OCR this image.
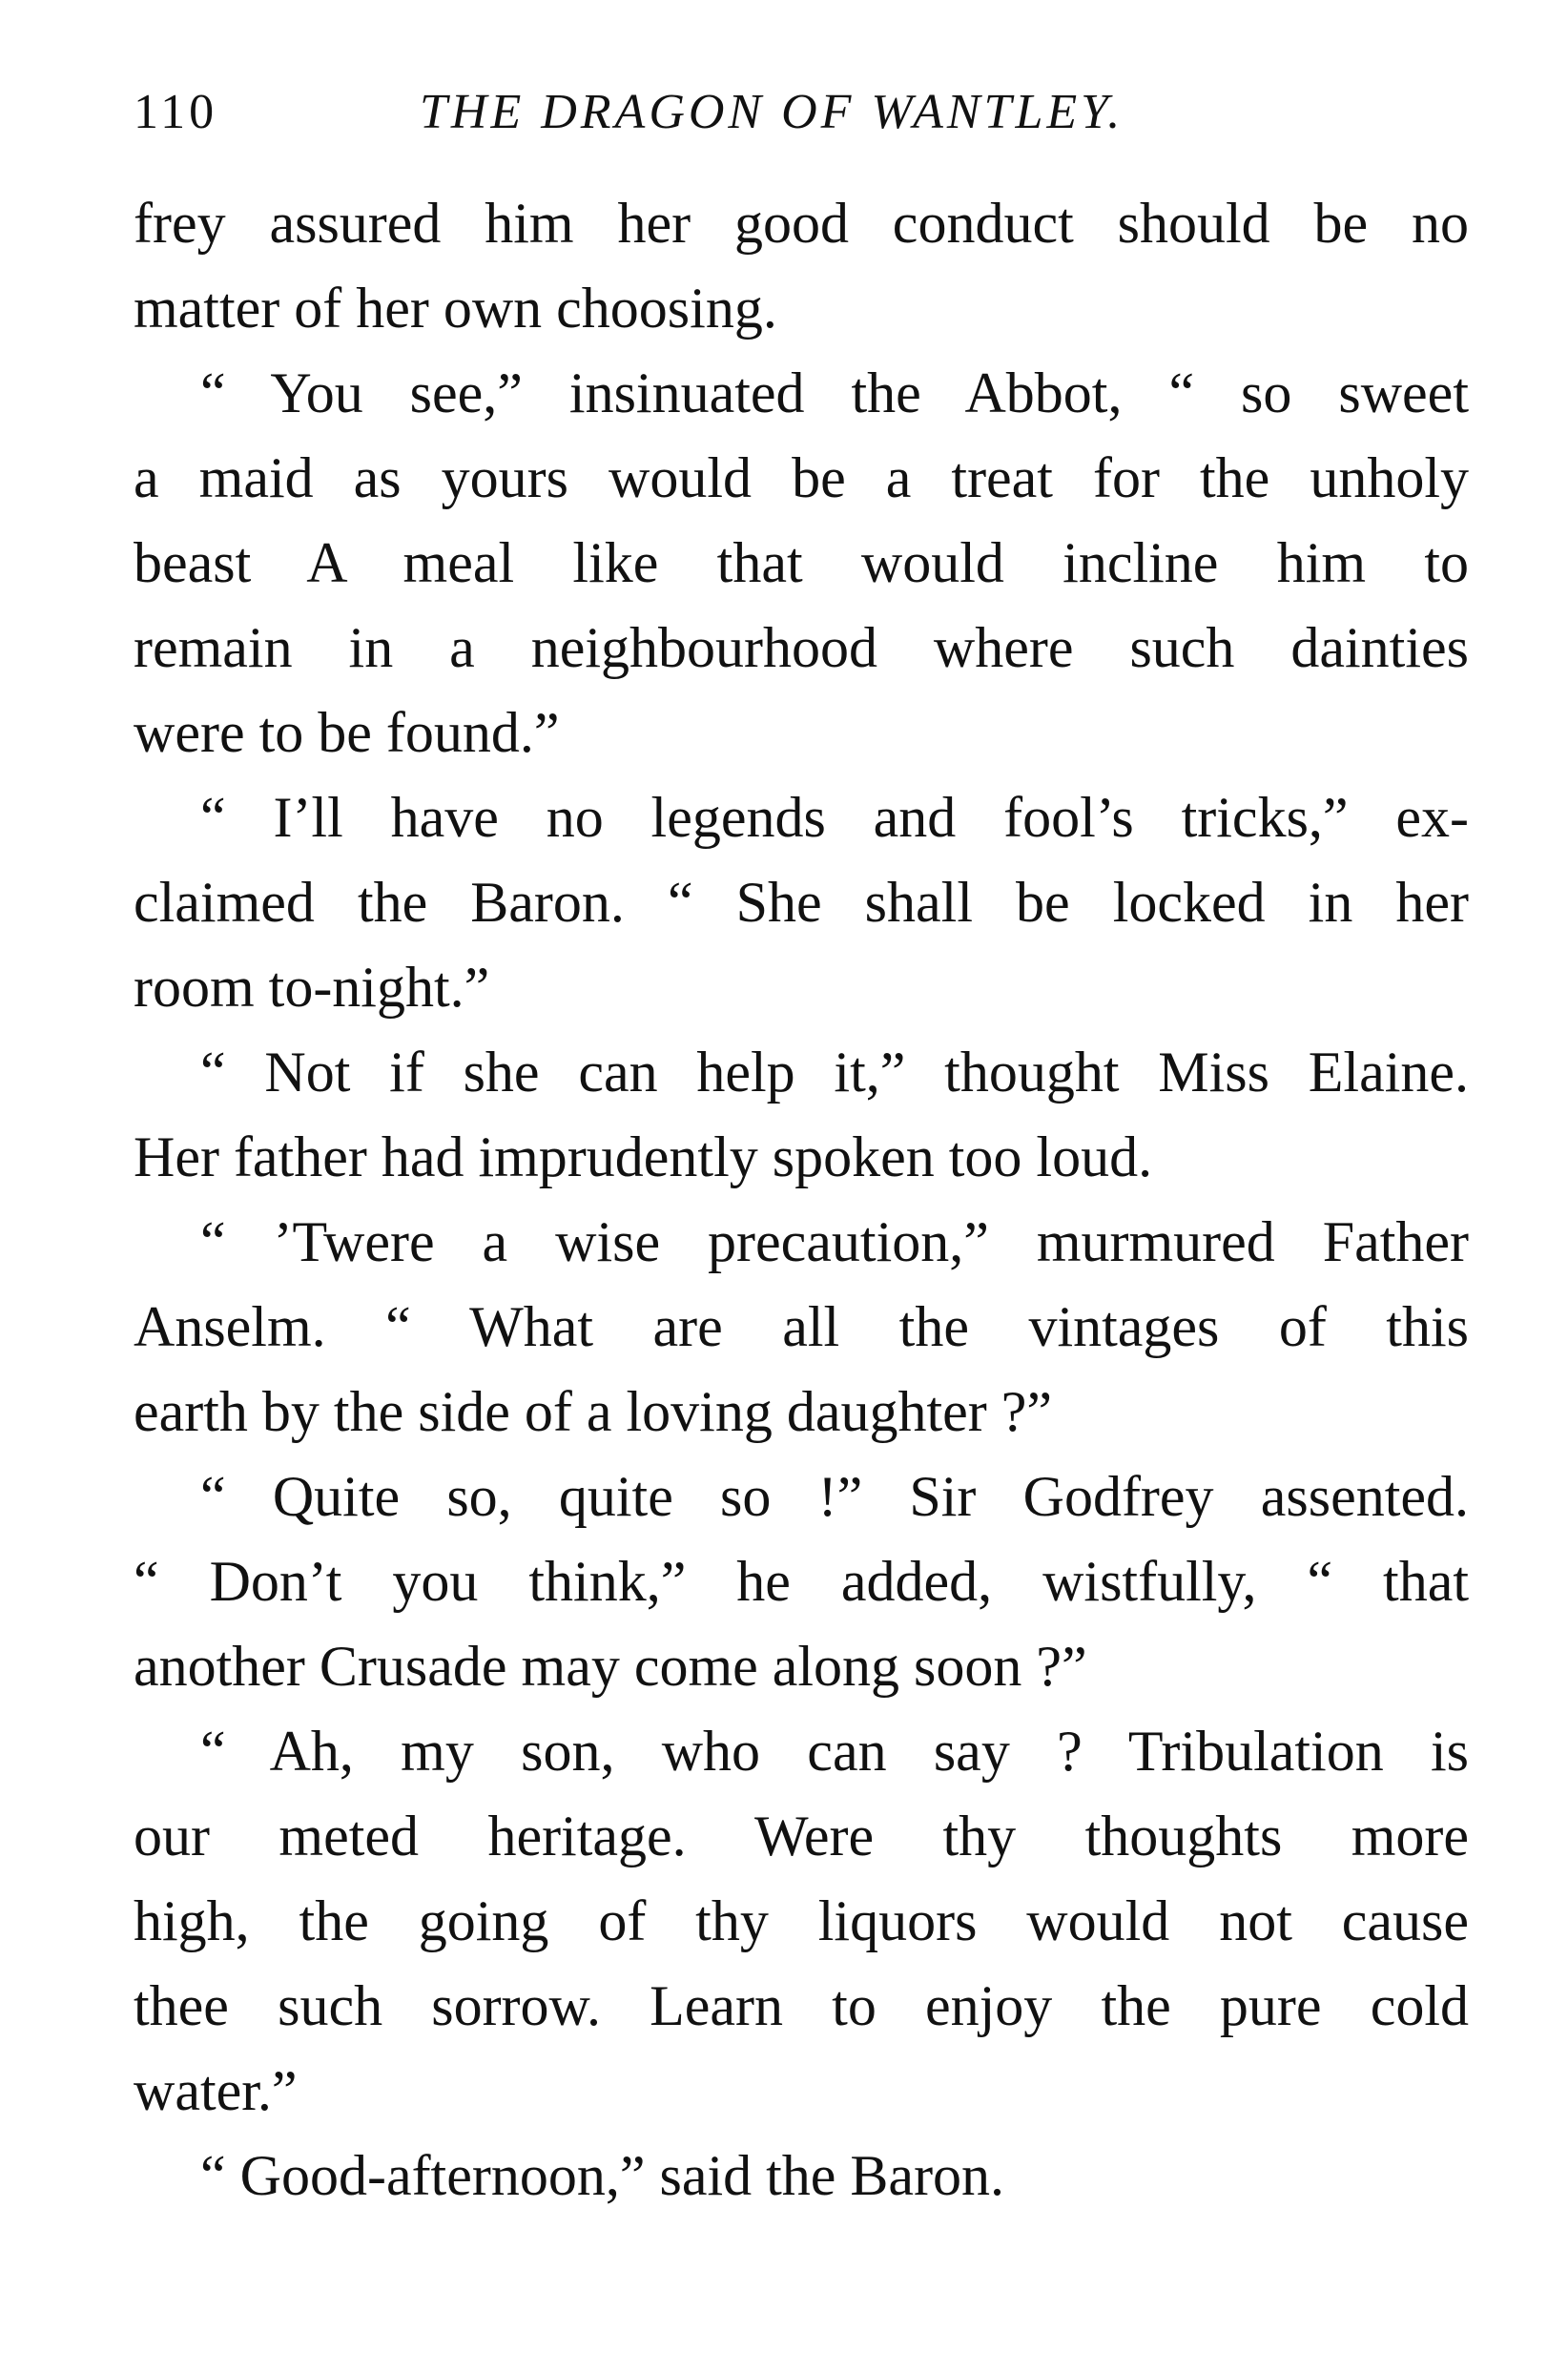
110	THE DRAGON OF WANTLEY.
frey assured him her good conduct should be no
matter of her own choosing.
“ You see,” insinuated the Abbot, “ so sweet
a maid as yours would be a treat for the unholy
beast A meal like that would incline him to
remain in a neighbourhood where such dainties
were to be found.”
“ I’ll have no legends and fool’s tricks,” ex-
claimed the Baron. “ She shall be locked in her
room to-night.”
“ Not if she can help it,” thought Miss Elaine.
Her father had imprudently spoken too loud.
“ ’Twere a wise precaution,” murmured Father
Anselm. “ What are all the vintages of this
earth by the side of a loving daughter ?”
“ Quite so, quite so !” Sir Godfrey assented.
“ Don’t you think,” he added, wistfully, “ that
another Crusade may come along soon ?”
“ Ah, my son, who can say ? Tribulation is
our meted heritage. Were thy thoughts more
high, the going of thy liquors would not cause
thee such sorrow. Learn to enjoy the pure cold
water.”
“ Good-afternoon,” said the Baron.
